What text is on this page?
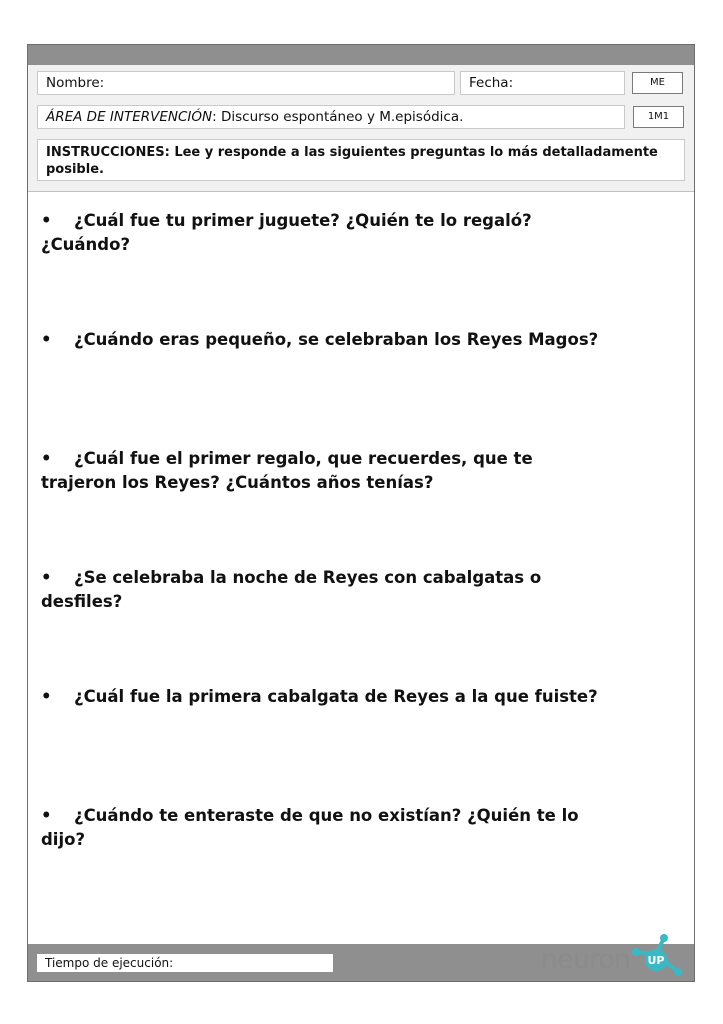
Nombre:	Fecha:	ME
ÁREA DE INTERVENCIÓN: Discurso espontáneo y M.episódica.	1M1
INSTRUCCIONES: Lee y responde a las siguientes preguntas lo más detalladamente posible.
Tiempo de ejecución:	neuron UP
• ¿Cuál fue tu primer juguete? ¿Quién te lo regaló? ¿Cuándo?
• ¿Cuándo eras pequeño, se celebraban los Reyes Magos?
• ¿Cuál fue el primer regalo, que recuerdes, que te trajeron los Reyes? ¿Cuántos años tenías?
• ¿Se celebraba la noche de Reyes con cabalgatas o desfiles?
• ¿Cuál fue la primera cabalgata de Reyes a la que fuiste?
• ¿Cuándo te enteraste de que no existían? ¿Quién te lo dijo?
